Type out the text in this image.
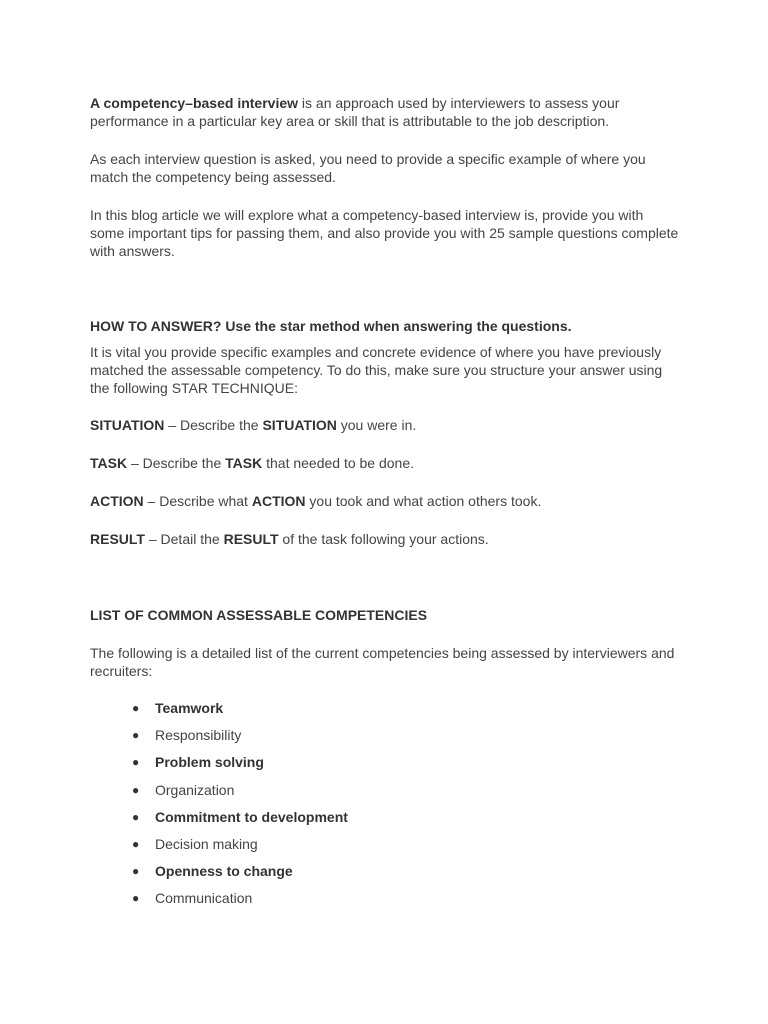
A competency–based interview is an approach used by interviewers to assess your performance in a particular key area or skill that is attributable to the job description.

As each interview question is asked, you need to provide a specific example of where you match the competency being assessed.

In this blog article we will explore what a competency-based interview is, provide you with some important tips for passing them, and also provide you with 25 sample questions complete with answers.

HOW TO ANSWER? Use the star method when answering the questions.

It is vital you provide specific examples and concrete evidence of where you have previously matched the assessable competency. To do this, make sure you structure your answer using the following STAR TECHNIQUE:

SITUATION – Describe the SITUATION you were in.

TASK – Describe the TASK that needed to be done.

ACTION – Describe what ACTION you took and what action others took.

RESULT – Detail the RESULT of the task following your actions.

LIST OF COMMON ASSESSABLE COMPETENCIES

The following is a detailed list of the current competencies being assessed by interviewers and recruiters:

● Teamwork
● Responsibility
● Problem solving
● Organization
● Commitment to development
● Decision making
● Openness to change
● Communication
